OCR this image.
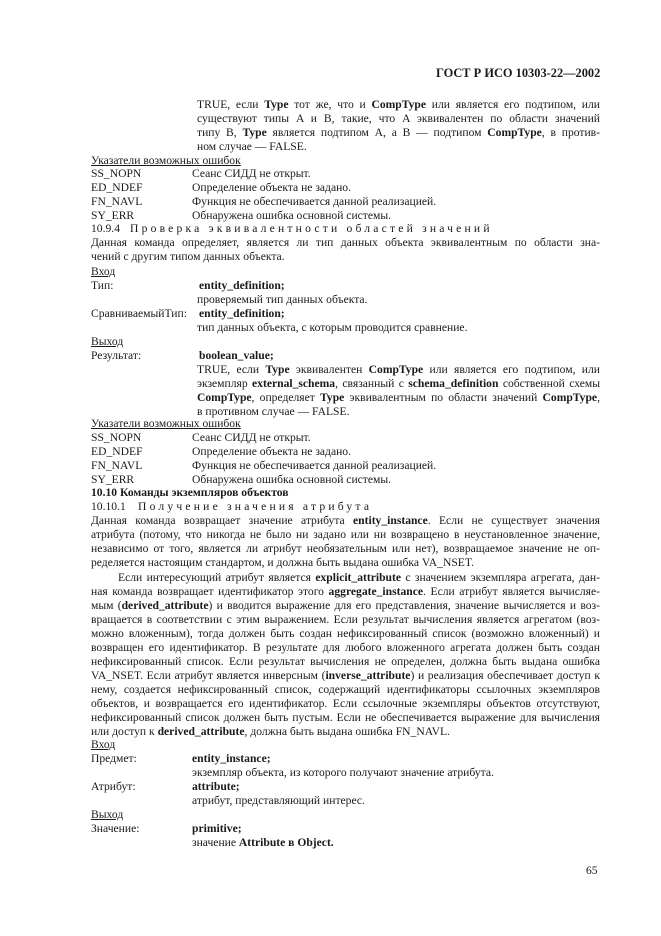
ГОСТ Р ИСО 10303-22—2002
TRUE, если Type тот же, что и CompType или является его подтипом, или
существуют типы A и B, такие, что A эквивалентен по области значений
типу B, Type является подтипом A, а B — подтипом CompType, в против-
ном случае — FALSE.
Указатели возможных ошибок
SS_NOPN	Сеанс СИДД не открыт.
ED_NDEF	Определение объекта не задано.
FN_NAVL	Функция не обеспечивается данной реализацией.
SY_ERR	Обнаружена ошибка основной системы.
10.9.4 Проверка эквивалентности областей значений
Данная команда определяет, является ли тип данных объекта эквивалентным по области зна-
чений с другим типом данных объекта.
Вход
Тип:	entity_definition;
проверяемый тип данных объекта.
СравниваемыйТип: entity_definition;
тип данных объекта, с которым проводится сравнение.
Выход
Результат:	boolean_value;
TRUE, если Type эквивалентен CompType или является его подтипом, или
экземпляр external_schema, связанный с schema_definition собственной схемы
CompType, определяет Type эквивалентным по области значений CompType,
в противном случае — FALSE.
Указатели возможных ошибок
SS_NOPN	Сеанс СИДД не открыт.
ED_NDEF	Определение объекта не задано.
FN_NAVL	Функция не обеспечивается данной реализацией.
SY_ERR	Обнаружена ошибка основной системы.
10.10 Команды экземпляров объектов
10.10.1 Получение значения атрибута
Данная команда возвращает значение атрибута entity_instance. Если не существует значения
атрибута (потому, что никогда не было ни задано или ни возвращено в неустановленное значение,
независимо от того, является ли атрибут необязательным или нет), возвращаемое значение не оп-
ределяется настоящим стандартом, и должна быть выдана ошибка VA_NSET.
Если интересующий атрибут является explicit_attribute с значением экземпляра агрегата, дан-
ная команда возвращает идентификатор этого aggregate_instance. Если атрибут является вычисляе-
мым (derived_attribute) и вводится выражение для его представления, значение вычисляется и воз-
вращается в соответствии с этим выражением. Если результат вычисления является агрегатом (воз-
можно вложенным), тогда должен быть создан нефиксированный список (возможно вложенный) и
возвращен его идентификатор. В результате для любого вложенного агрегата должен быть создан
нефиксированный список. Если результат вычисления не определен, должна быть выдана ошибка
VA_NSET. Если атрибут является инверсным (inverse_attribute) и реализация обеспечивает доступ к
нему, создается нефиксированный список, содержащий идентификаторы ссылочных экземпляров
объектов, и возвращается его идентификатор. Если ссылочные экземпляры объектов отсутствуют,
нефиксированный список должен быть пустым. Если не обеспечивается выражение для вычисления
или доступ к derived_attribute, должна быть выдана ошибка FN_NAVL.
Вход
Предмет:	entity_instance;
экземпляр объекта, из которого получают значение атрибута.
Атрибут:	attribute;
атрибут, представляющий интерес.
Выход
Значение:	primitive;
значение Attribute в Object.
65
